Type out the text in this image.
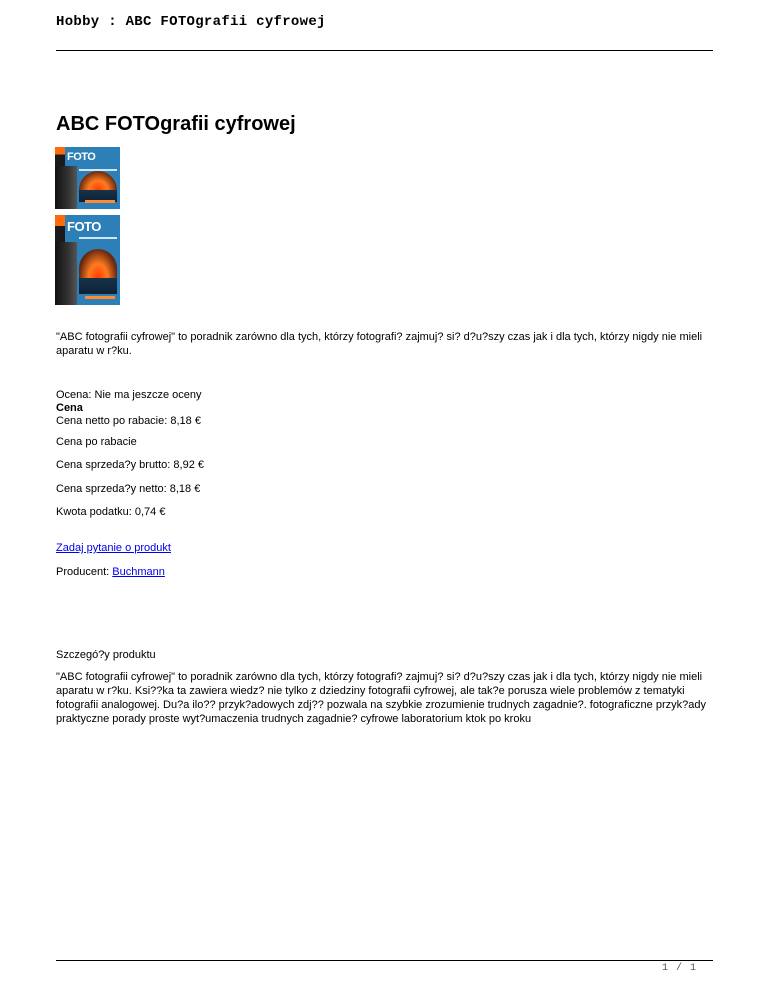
Hobby : ABC FOTOgrafii cyfrowej
ABC FOTOgrafii cyfrowej
FOTO
FOTO

"ABC fotografii cyfrowej" to poradnik zarówno dla tych, którzy fotografi? zajmuj? si? d?u?szy czas jak i dla tych, którzy nigdy nie mieli aparatu w r?ku.

Ocena: Nie ma jeszcze oceny

Cena

Cena netto po rabacie: 8,18 €

Cena po rabacie

Cena sprzeda?y brutto: 8,92 €

Cena sprzeda?y netto: 8,18 €

Kwota podatku: 0,74 €

Zadaj pytanie o produkt

Producent: Buchmann

Szczegó?y produktu

"ABC fotografii cyfrowej" to poradnik zarówno dla tych, którzy fotografi? zajmuj? si? d?u?szy czas jak i dla tych, którzy nigdy nie mieli aparatu w r?ku. Ksi??ka ta zawiera wiedz? nie tylko z dziedziny fotografii cyfrowej, ale tak?e porusza wiele problemów z tematyki fotografii analogowej. Du?a ilo?? przyk?adowych zdj?? pozwala na szybkie zrozumienie trudnych zagadnie?. fotograficzne przyk?ady praktyczne porady proste wyt?umaczenia trudnych zagadnie? cyfrowe laboratorium ktok po kroku

1 / 1
